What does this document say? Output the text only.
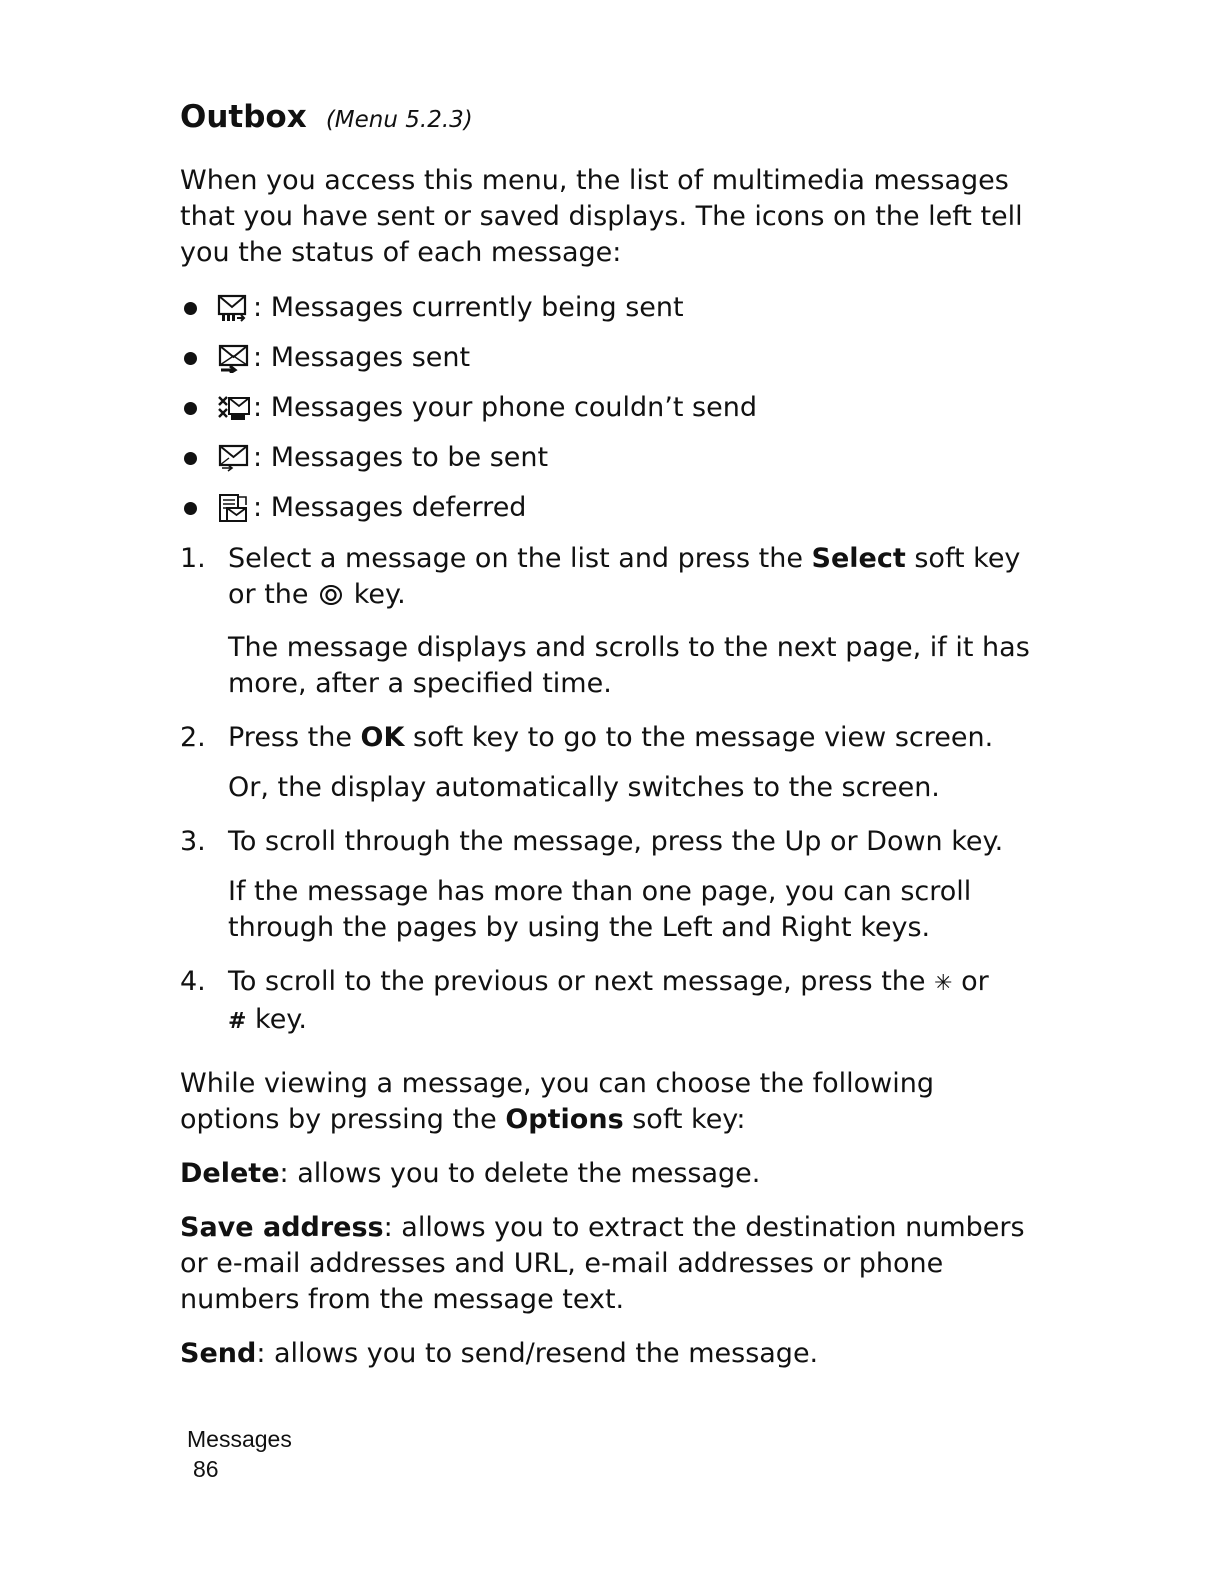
Outbox (Menu 5.2.3)

When you access this menu, the list of multimedia messages that you have sent or saved displays. The icons on the left tell you the status of each message:

:
Messages currently being sent
:
Messages sent
:
Messages your phone couldn’t send
:
Messages to be sent
:
Messages deferred
1. Select a message on the list and press the Select soft key or the  key.

The message displays and scrolls to the next page, if it has more, after a specified time.

2. Press the OK soft key to go to the message view screen.

Or, the display automatically switches to the screen.

3. To scroll through the message, press the Up or Down key.

If the message has more than one page, you can scroll through the pages by using the Left and Right keys.

4. To scroll to the previous or next message, press the ✳ or
# key.

While viewing a message, you can choose the following options by pressing the Options soft key:

Delete: allows you to delete the message.

Save address: allows you to extract the destination numbers or e-mail addresses and URL, e-mail addresses or phone numbers from the message text.

Send: allows you to send/resend the message.

Messages
86
